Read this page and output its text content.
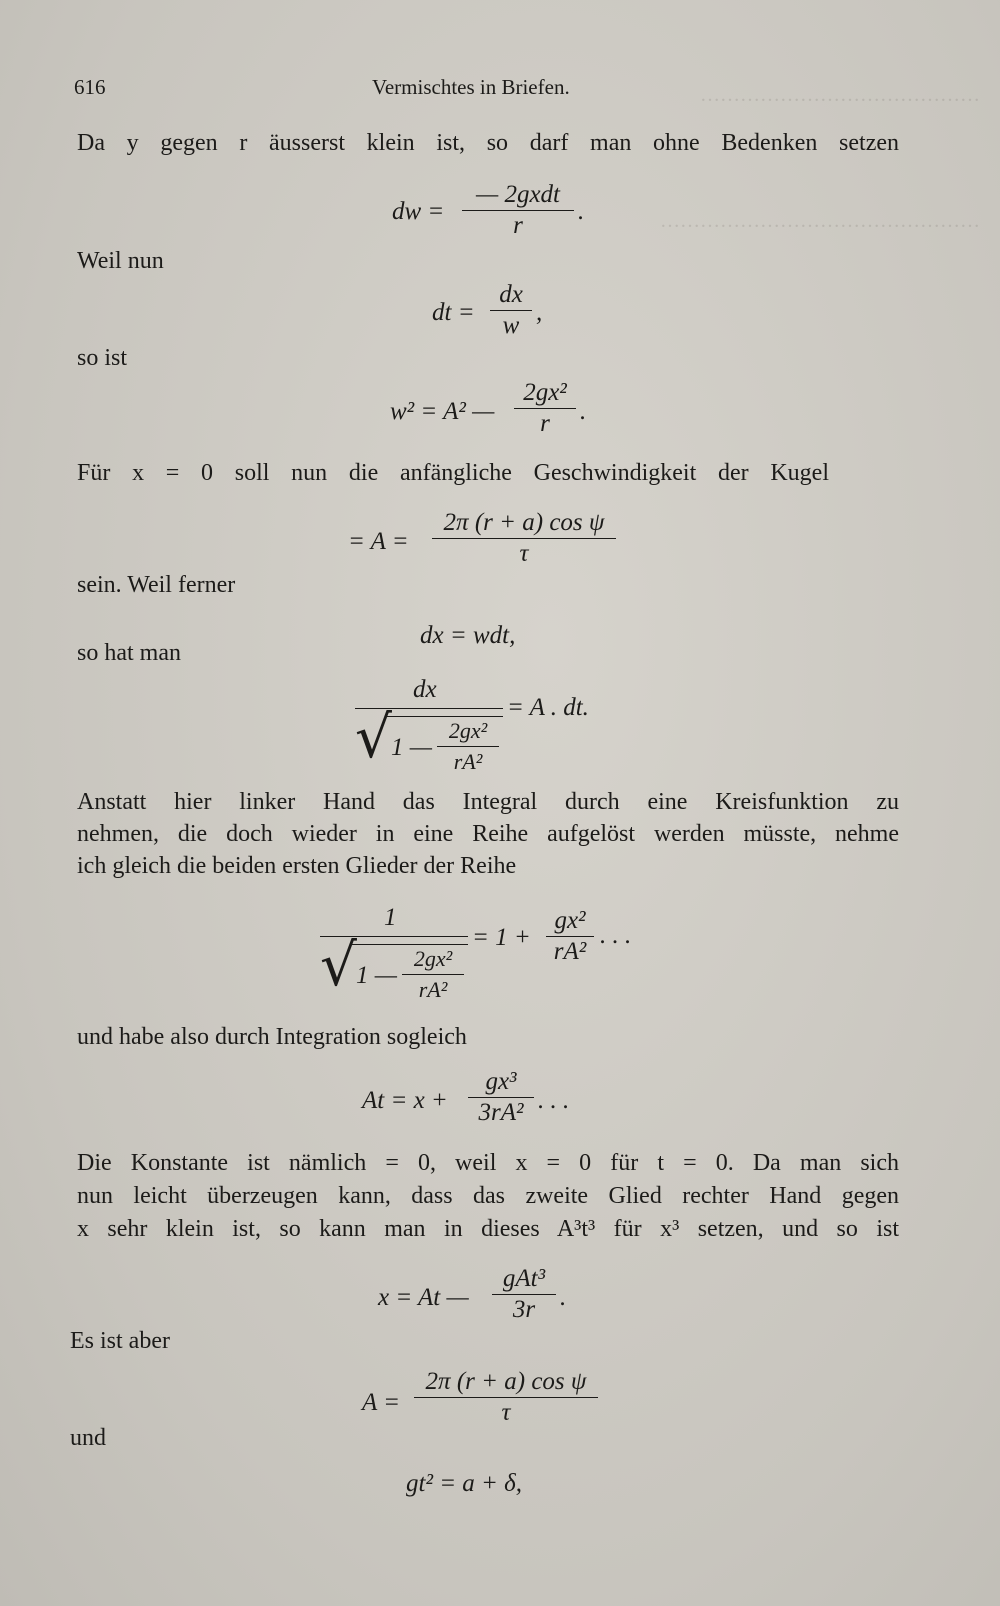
……………………………………
…………………………………………
616	Vermischtes in Briefen.
Da y gegen r äusserst klein ist, so darf man ohne Bedenken setzen
dw =
— 2gxdt
r
.
Weil nun
dt = $\frac{dx}{w}$ ,
so ist
w² = A² — $\frac{\text{2gx²}}{r}$ .
Für x = 0 soll nun die anfängliche Geschwindigkeit der Kugel
= $A = \frac{\text{2π (r + a) cos ψ}}{\tau}$
sein. Weil ferner
dx = wdt,
so hat man
dx
√ 1 — $\frac{\text{2gx²}}{\text{rA²}}$
= A . dt.
Anstatt hier linker Hand das Integral durch eine Kreisfunktion zu
nehmen, die doch wieder in eine Reihe aufgelöst werden müsste, nehme
ich gleich die beiden ersten Glieder der Reihe
1
√ 1 — $\frac{\text{2gx²}}{\text{rA²}}$
= $1 + \frac{\text{gx²}}{\text{rA²}}$ . . .
und habe also durch Integration sogleich
$At = x + \frac{\text{gx³}}{\text{3rA²}}$ . . .
Die Konstante ist nämlich = 0, weil x = 0 für t = 0. Da man sich
nun leicht überzeugen kann, dass das zweite Glied rechter Hand gegen
x sehr klein ist, so kann man in dieses A³t³ für x³ setzen, und so ist
x = At —
gAt³
3r .
Es ist aber
$A = \frac{\text{2π (r + a) cos ψ}}{\tau}$
und
gt² = a + δ,
